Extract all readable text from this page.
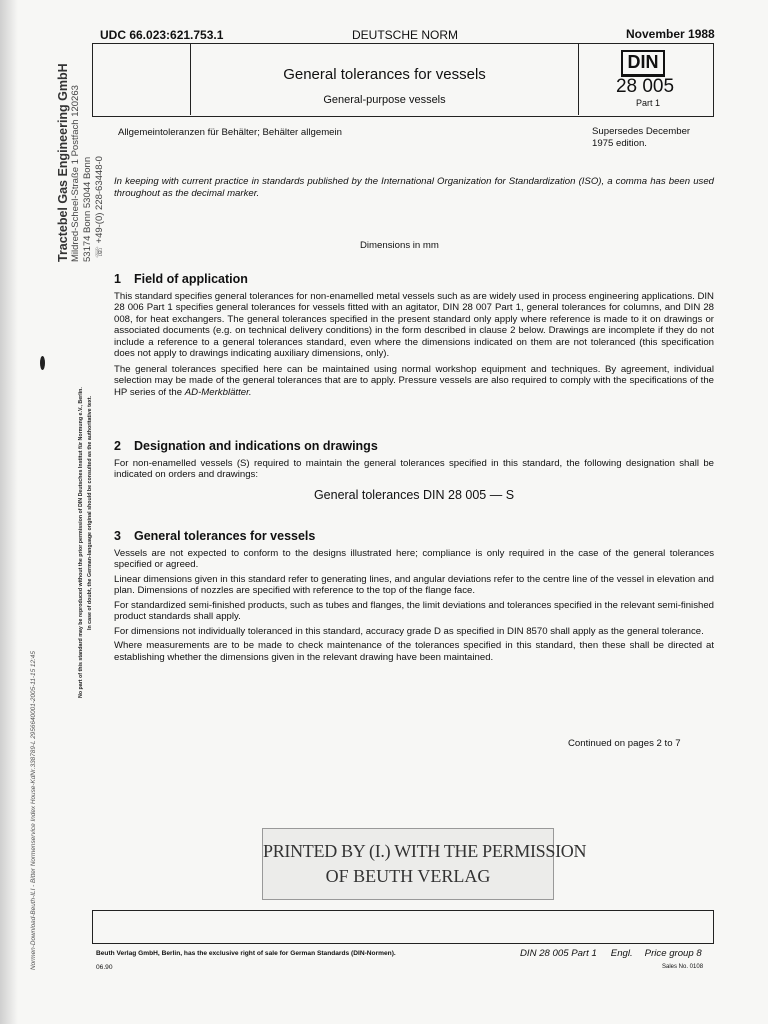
Tractebel Gas Engineering GmbH Mildred-Scheel-Straße 1 Postfach 120263 53174 Bonn 53044 Bonn ☏ +49-(0) 228-63448-0
No part of this standard may be reproduced without the prior permission of DIN Deutsches Institut für Normung e.V., Berlin. In case of doubt, the German-language original should be consulted as the authoritative text.
Normen-Download-Beuth-ILI - Bitter Normenservice Index House-KdNr.338789-L 2956640001-2005-11-15 12:45
UDC 66.023:621.753.1	DEUTSCHE NORM	November 1988
General tolerances for vessels
General-purpose vessels
DIN
28 005
Part 1
Allgemeintoleranzen für Behälter; Behälter allgemein	Supersedes December
1975 edition.
In keeping with current practice in standards published by the International Organization for Standardization (ISO), a comma has been used throughout as the decimal marker.
Dimensions in mm
1 Field of application

This standard specifies general tolerances for non-enamelled metal vessels such as are widely used in process engineering applications. DIN 28 006 Part 1 specifies general tolerances for vessels fitted with an agitator, DIN 28 007 Part 1, general tolerances for columns, and DIN 28 008, for heat exchangers. The general tolerances specified in the present standard only apply where reference is made to it on drawings or associated documents (e.g. on technical delivery conditions) in the form described in clause 2 below. Drawings are incomplete if they do not include a reference to a general tolerances standard, even where the dimensions indicated on them are not toleranced (this specification does not apply to drawings indicating auxiliary dimensions, only).

The general tolerances specified here can be maintained using normal workshop equipment and techniques. By agreement, individual selection may be made of the general tolerances that are to apply. Pressure vessels are also required to comply with the specifications of the HP series of the AD-Merkblätter.

2 Designation and indications on drawings

For non-enamelled vessels (S) required to maintain the general tolerances specified in this standard, the following designation shall be indicated on orders and drawings:

General tolerances DIN 28 005 — S
3 General tolerances for vessels

Vessels are not expected to conform to the designs illustrated here; compliance is only required in the case of the general tolerances specified or agreed.

Linear dimensions given in this standard refer to generating lines, and angular deviations refer to the centre line of the vessel in elevation and plan. Dimensions of nozzles are specified with reference to the top of the flange face.

For standardized semi-finished products, such as tubes and flanges, the limit deviations and tolerances specified in the relevant semi-finished product standards shall apply.

For dimensions not individually toleranced in this standard, accuracy grade D as specified in DIN 8570 shall apply as the general tolerance.

Where measurements are to be made to check maintenance of the tolerances specified in this standard, then these shall be directed at establishing whether the dimensions given in the relevant drawing have been maintained.

Continued on pages 2 to 7
PRINTED BY (I.) WITH THE PERMISSION
OF BEUTH VERLAG
Beuth Verlag GmbH, Berlin, has the exclusive right of sale for German Standards (DIN-Normen).
06.90
DIN 28 005 Part 1 Engl. Price group 8
Sales No. 0108
